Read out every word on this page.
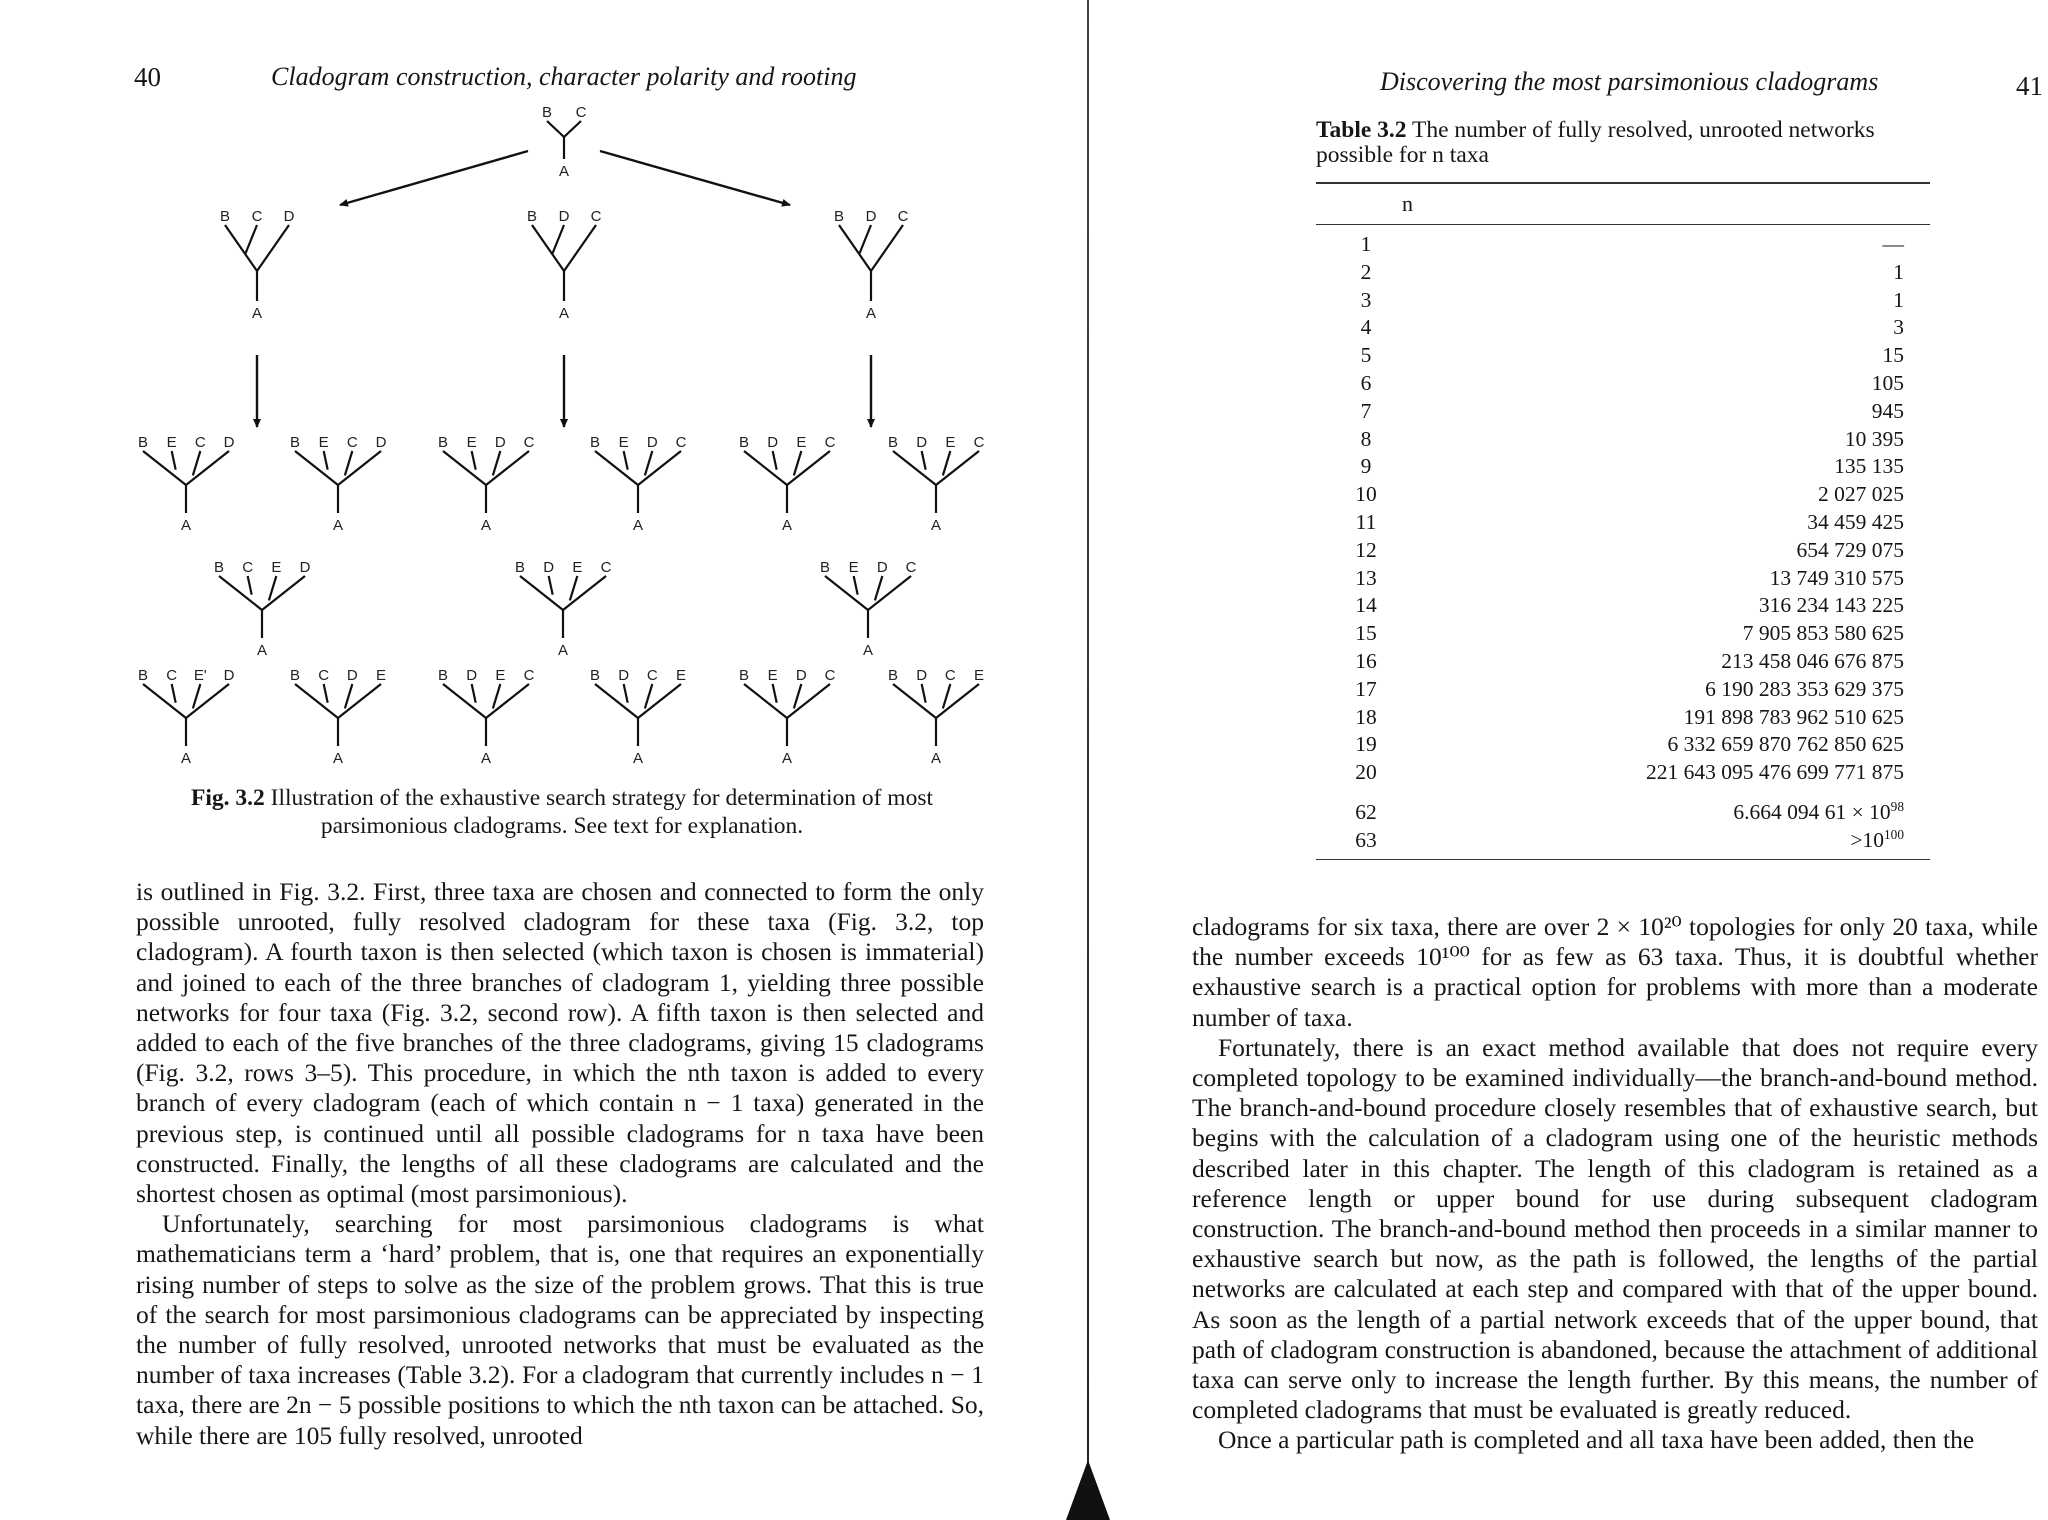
40	Cladogram construction, character polarity and rooting
B C
A
B C D
A
B D C
A
B D C
A
B E C D
A
B E C D
A
B E D C
A
B E D C
A
B D E C
A
B D E C
A
B C E D
A
B D E C
A
B E D C
A
B C E' D
A
B C D E
A
B D E C
A
B D C E
A
B E D C
A
B D C E
A
Fig. 3.2 Illustration of the exhaustive search strategy for determination of most
parsimonious cladograms. See text for explanation.

is outlined in Fig. 3.2. First, three taxa are chosen and connected to form the only possible unrooted, fully resolved cladogram for these taxa (Fig. 3.2, top cladogram). A fourth taxon is then selected (which taxon is chosen is immaterial) and joined to each of the three branches of cladogram 1, yielding three possible networks for four taxa (Fig. 3.2, second row). A fifth taxon is then selected and added to each of the five branches of the three cladograms, giving 15 cladograms (Fig. 3.2, rows 3–5). This procedure, in which the nth taxon is added to every branch of every cladogram (each of which contain n − 1 taxa) generated in the previous step, is continued until all possible cladograms for n taxa have been constructed. Finally, the lengths of all these cladograms are calculated and the shortest chosen as optimal (most parsimonious).

Unfortunately, searching for most parsimonious cladograms is what mathematicians term a ‘hard’ problem, that is, one that requires an exponentially rising number of steps to solve as the size of the problem grows. That this is true of the search for most parsimonious cladograms can be appreciated by inspecting the number of fully resolved, unrooted networks that must be evaluated as the number of taxa increases (Table 3.2). For a cladogram that currently includes n − 1 taxa, there are 2n − 5 possible positions to which the nth taxon can be attached. So, while there are 105 fully resolved, unrooted

Discovering the most parsimonious cladograms	41
Table 3.2 The number of fully resolved, unrooted networks possible for n taxa
n
1	—
2	1
3	1
4	3
5	15
6	105
7	945
8	10 395
9	135 135
10	2 027 025
11	34 459 425
12	654 729 075
13	13 749 310 575
14	316 234 143 225
15	7 905 853 580 625
16	213 458 046 676 875
17	6 190 283 353 629 375
18	191 898 783 962 510 625
19	6 332 659 870 762 850 625
20	221 643 095 476 699 771 875
62	6.664 094 $61 \times 10^{98}$
63	$>10^{100}$

cladograms for six taxa, there are over 2 × 10²⁰ topologies for only 20 taxa, while the number exceeds 10¹⁰⁰ for as few as 63 taxa. Thus, it is doubtful whether exhaustive search is a practical option for problems with more than a moderate number of taxa.

Fortunately, there is an exact method available that does not require every completed topology to be examined individually—the branch-and-bound method. The branch-and-bound procedure closely resembles that of exhaustive search, but begins with the calculation of a cladogram using one of the heuristic methods described later in this chapter. The length of this cladogram is retained as a reference length or upper bound for use during subsequent cladogram construction. The branch-and-bound method then proceeds in a similar manner to exhaustive search but now, as the path is followed, the lengths of the partial networks are calculated at each step and compared with that of the upper bound. As soon as the length of a partial network exceeds that of the upper bound, that path of cladogram construction is abandoned, because the attachment of additional taxa can serve only to increase the length further. By this means, the number of completed cladograms that must be evaluated is greatly reduced.

Once a particular path is completed and all taxa have been added, then the
